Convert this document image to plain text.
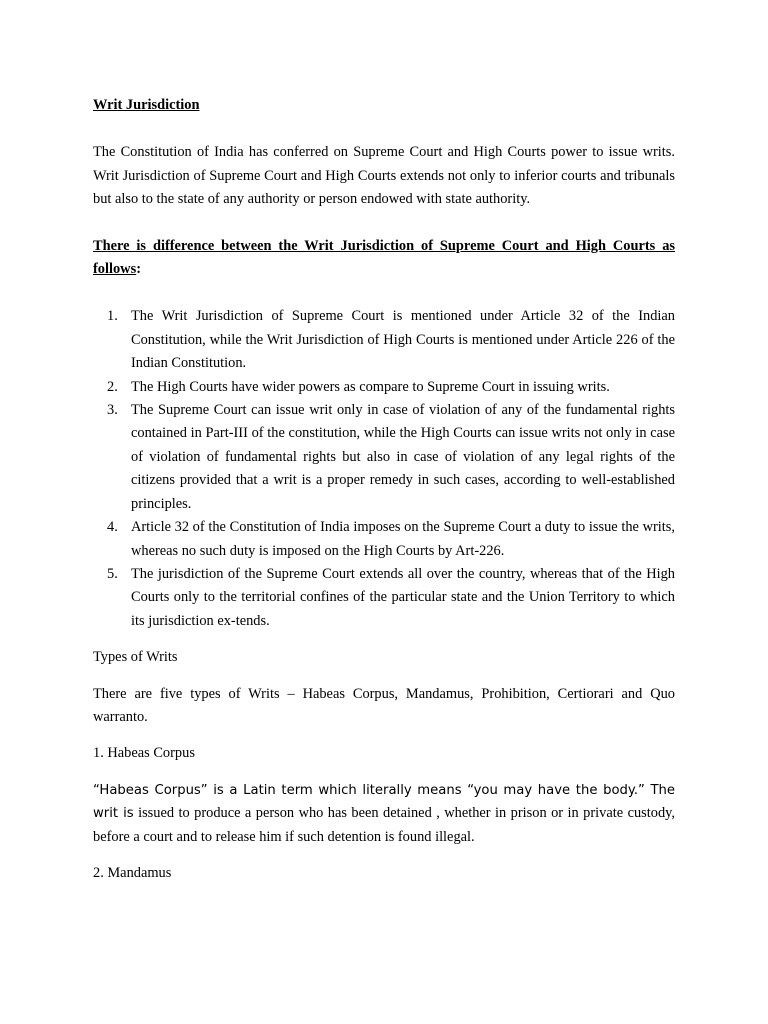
Writ Jurisdiction

The Constitution of India has conferred on Supreme Court and High Courts power to issue writs. Writ Jurisdiction of Supreme Court and High Courts extends not only to inferior courts and tribunals but also to the state of any authority or person endowed with state authority.

There is difference between the Writ Jurisdiction of Supreme Court and High Courts as follows:

1. The Writ Jurisdiction of Supreme Court is mentioned under Article 32 of the Indian Constitution, while the Writ Jurisdiction of High Courts is mentioned under Article 226 of the Indian Constitution.
2. The High Courts have wider powers as compare to Supreme Court in issuing writs.
3. The Supreme Court can issue writ only in case of violation of any of the fundamental rights contained in Part-III of the constitution, while the High Courts can issue writs not only in case of violation of fundamental rights but also in case of violation of any legal rights of the citizens provided that a writ is a proper remedy in such cases, according to well-established principles.
4. Article 32 of the Constitution of India imposes on the Supreme Court a duty to issue the writs, whereas no such duty is imposed on the High Courts by Art-226.
5. The jurisdiction of the Supreme Court extends all over the country, whereas that of the High Courts only to the territorial confines of the particular state and the Union Territory to which its jurisdiction ex-tends.

Types of Writs

There are five types of Writs – Habeas Corpus, Mandamus, Prohibition, Certiorari and Quo warranto.

1. Habeas Corpus

“Habeas Corpus” is a Latin term which literally means “you may have the body.” The writ is issued to produce a person who has been detained , whether in prison or in private custody, before a court and to release him if such detention is found illegal.

2. Mandamus
